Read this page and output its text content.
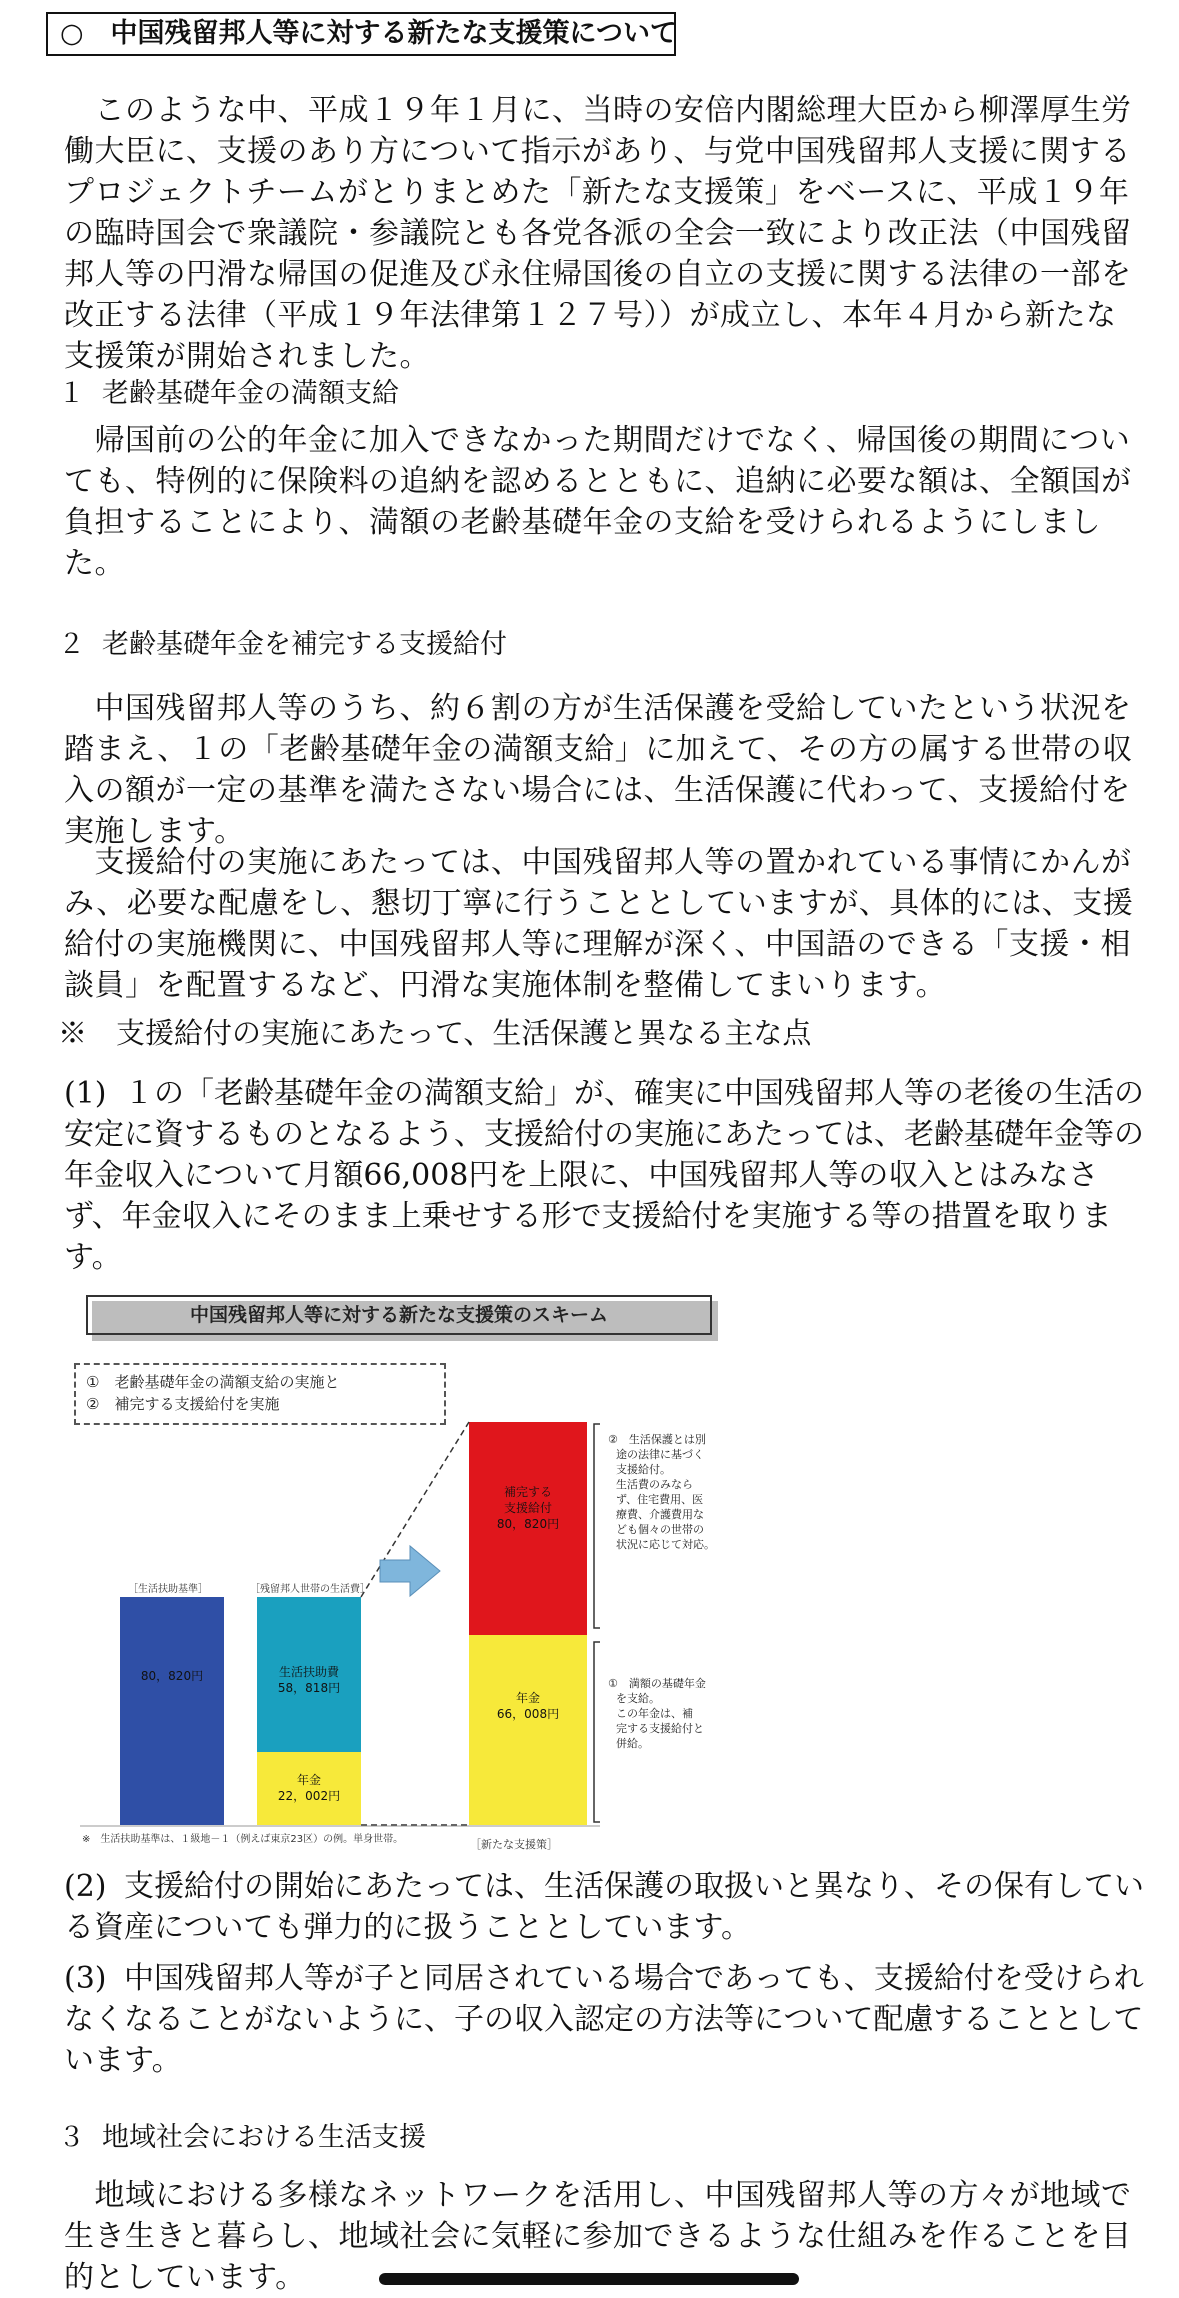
○　中国残留邦人等に対する新たな支援策について
　このような中、平成１９年１月に、当時の安倍内閣総理大臣から柳澤厚生労働大臣に、支援のあり方について指示があり、与党中国残留邦人支援に関するプロジェクトチームがとりまとめた「新たな支援策」をベースに、平成１９年の臨時国会で衆議院・参議院とも各党各派の全会一致により改正法（中国残留邦人等の円滑な帰国の促進及び永住帰国後の自立の支援に関する法律の一部を改正する法律（平成１９年法律第１２７号））が成立し、本年４月から新たな支援策が開始されました。
１ 老齢基礎年金の満額支給
　帰国前の公的年金に加入できなかった期間だけでなく、帰国後の期間についても、特例的に保険料の追納を認めるとともに、追納に必要な額は、全額国が負担することにより、満額の老齢基礎年金の支給を受けられるようにしました。
２ 老齢基礎年金を補完する支援給付
　中国残留邦人等のうち、約６割の方が生活保護を受給していたという状況を踏まえ、１の「老齢基礎年金の満額支給」に加えて、その方の属する世帯の収入の額が一定の基準を満たさない場合には、生活保護に代わって、支援給付を実施します。
　支援給付の実施にあたっては、中国残留邦人等の置かれている事情にかんがみ、必要な配慮をし、懇切丁寧に行うこととしていますが、具体的には、支援給付の実施機関に、中国残留邦人等に理解が深く、中国語のできる「支援・相談員」を配置するなど、円滑な実施体制を整備してまいります。
※　支援給付の実施にあたって、生活保護と異なる主な点
(1) １の「老齢基礎年金の満額支給」が、確実に中国残留邦人等の老後の生活の安定に資するものとなるよう、支援給付の実施にあたっては、老齢基礎年金等の年金収入について月額66,008円を上限に、中国残留邦人等の収入とはみなさず、年金収入にそのまま上乗せする形で支援給付を実施する等の措置を取ります。
中国残留邦人等に対する新たな支援策のスキーム
①　老齢基礎年金の満額支給の実施と
②　補完する支援給付を実施
［生活扶助基準］	［残留邦人世帯の生活費］
80，820円	生活扶助費
58，818円
年金
22，002円
補完する
支援給付
80，820円
年金
66，008円
②　生活保護とは別
途の法律に基づく
支援給付。
生活費のみなら
ず、住宅費用、医
療費、介護費用な
ども個々の世帯の
状況に応じて対応。
①　満額の基礎年金
を支給。
この年金は、補
完する支援給付と
併給。
※　生活扶助基準は、１級地－１（例えば東京23区）の例。単身世帯。	［新たな支援策］
(2) 支援給付の開始にあたっては、生活保護の取扱いと異なり、その保有している資産についても弾力的に扱うこととしています。
(3) 中国残留邦人等が子と同居されている場合であっても、支援給付を受けられなくなることがないように、子の収入認定の方法等について配慮することとしています。
３ 地域社会における生活支援
　地域における多様なネットワークを活用し、中国残留邦人等の方々が地域で生き生きと暮らし、地域社会に気軽に参加できるような仕組みを作ることを目的としています。
